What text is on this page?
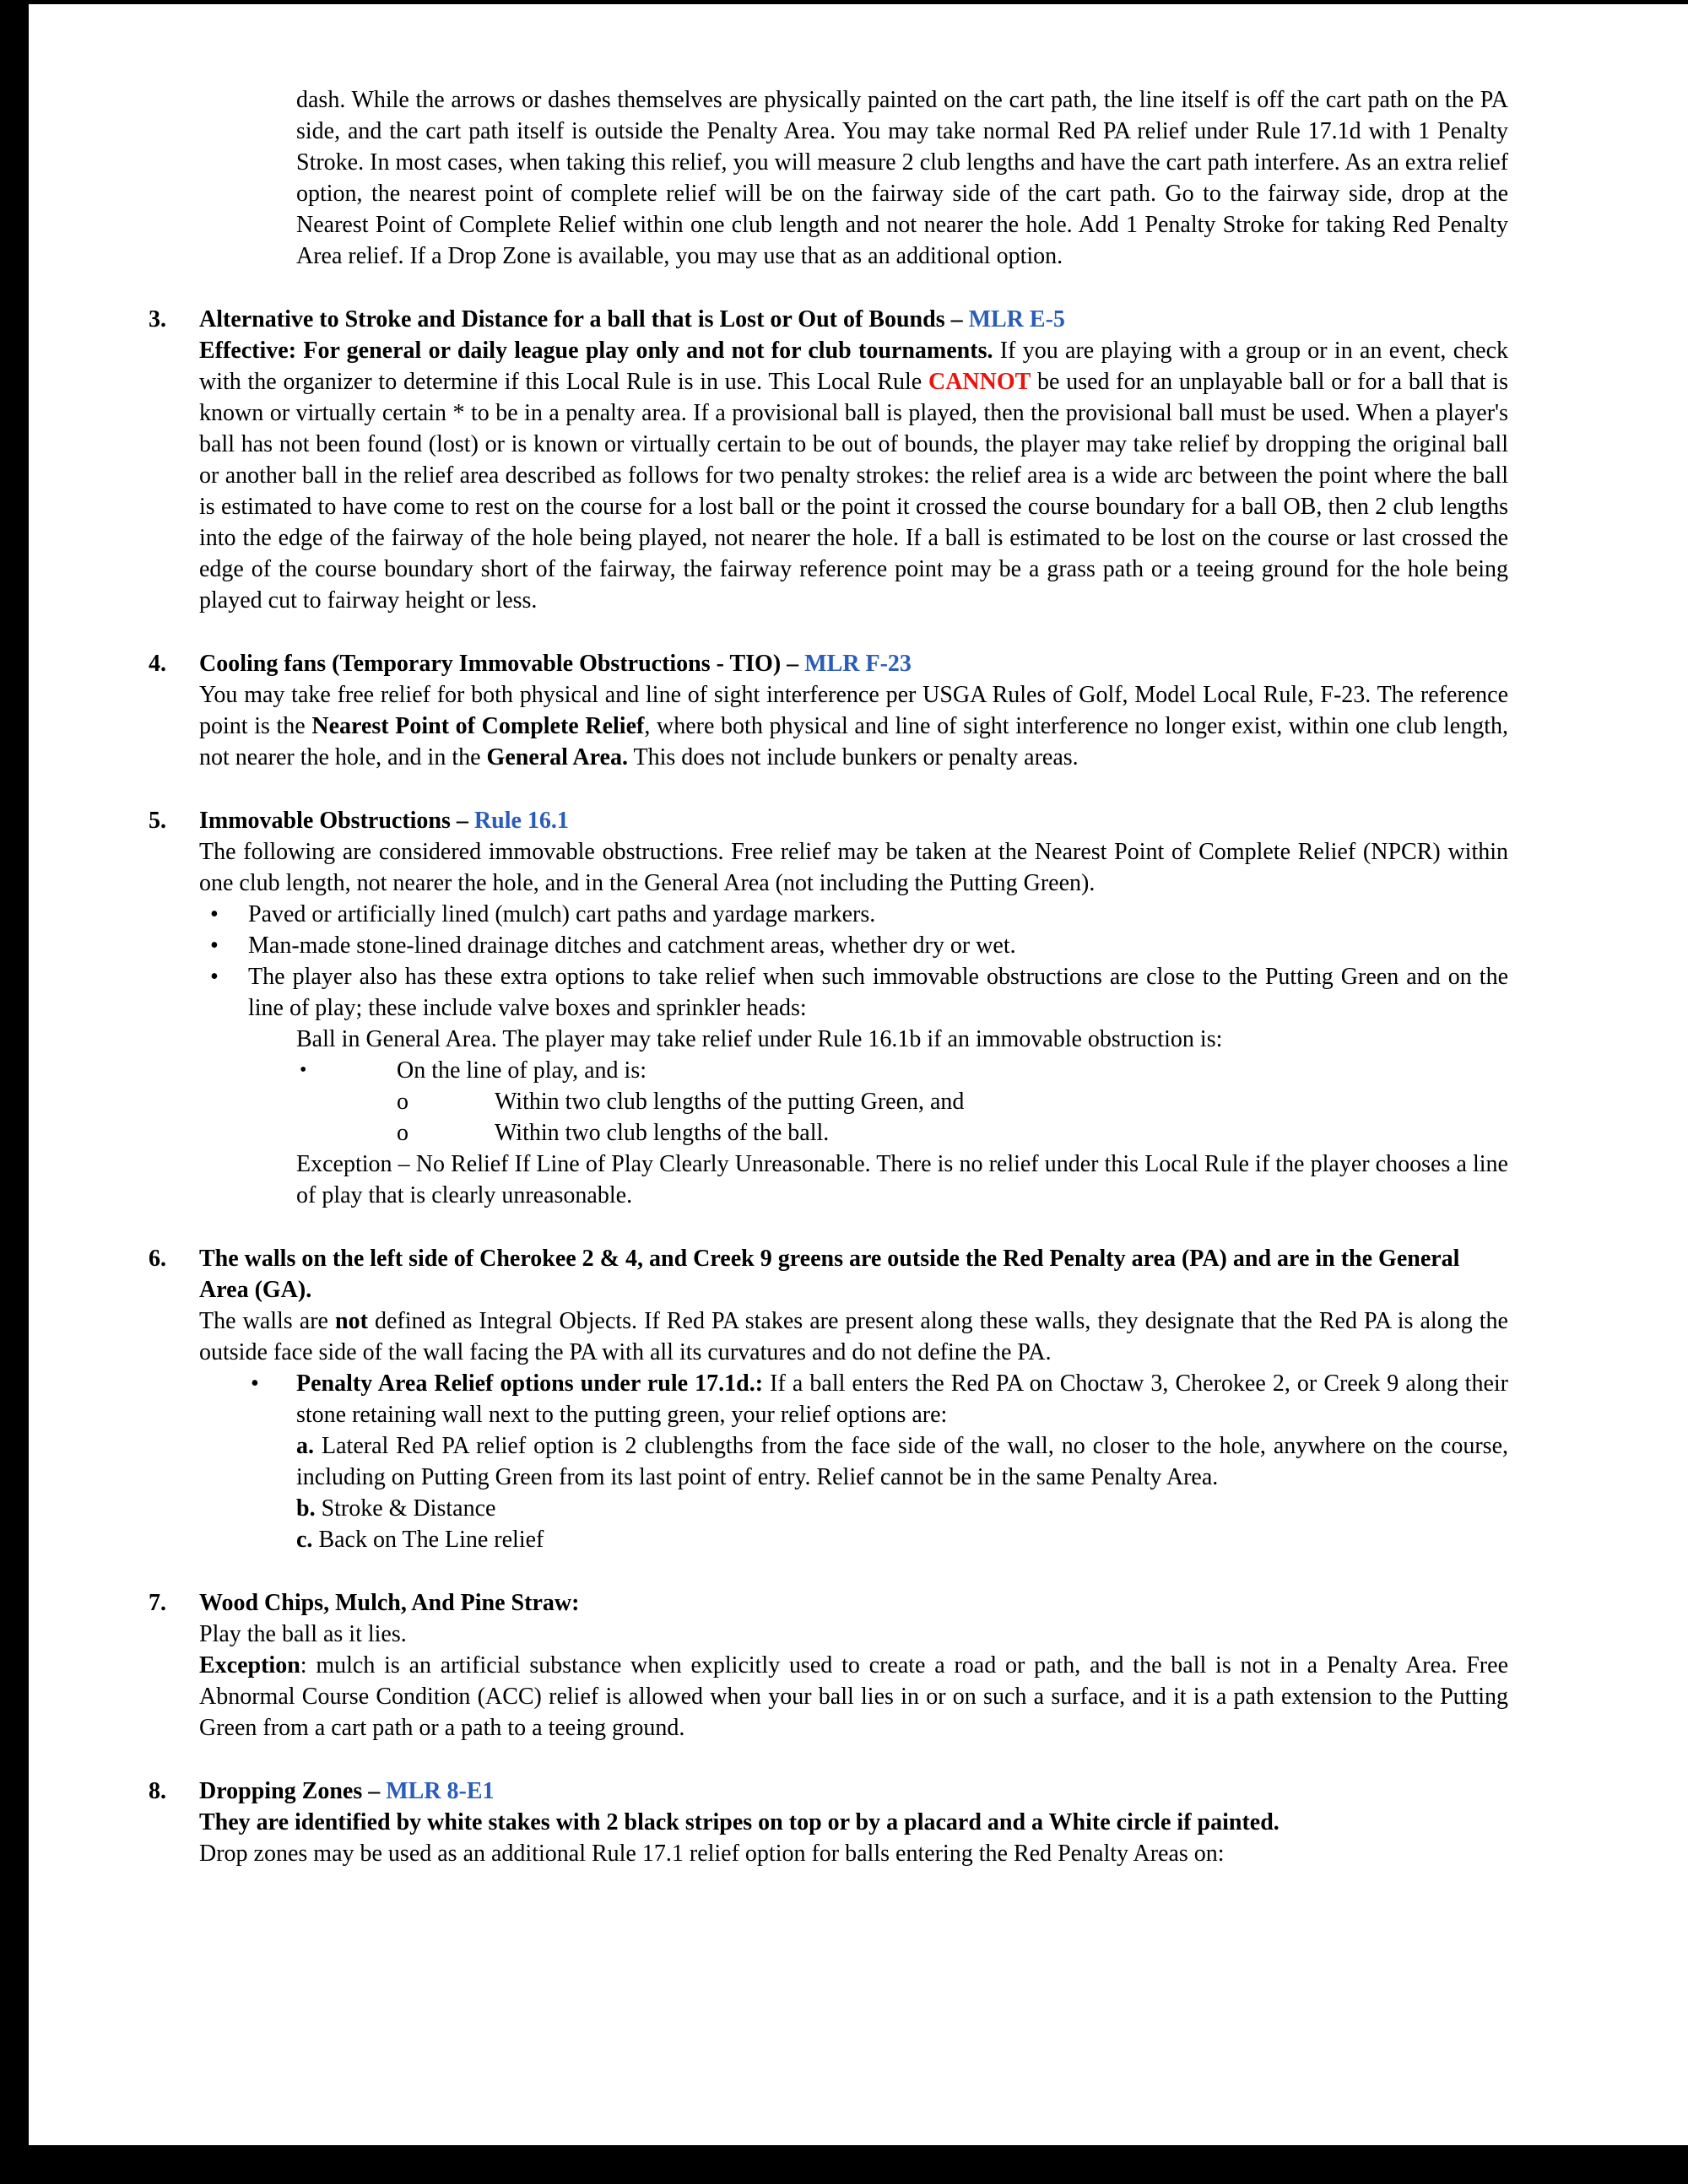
dash. While the arrows or dashes themselves are physically painted on the cart path, the line itself is off the cart path on the PA side, and the cart path itself is outside the Penalty Area. You may take normal Red PA relief under Rule 17.1d with 1 Penalty Stroke. In most cases, when taking this relief, you will measure 2 club lengths and have the cart path interfere. As an extra relief option, the nearest point of complete relief will be on the fairway side of the cart path. Go to the fairway side, drop at the Nearest Point of Complete Relief within one club length and not nearer the hole. Add 1 Penalty Stroke for taking Red Penalty Area relief. If a Drop Zone is available, you may use that as an additional option.
3. Alternative to Stroke and Distance for a ball that is Lost or Out of Bounds – MLR E-5
Effective: For general or daily league play only and not for club tournaments. If you are playing with a group or in an event, check with the organizer to determine if this Local Rule is in use. This Local Rule CANNOT be used for an unplayable ball or for a ball that is known or virtually certain * to be in a penalty area. If a provisional ball is played, then the provisional ball must be used. When a player's ball has not been found (lost) or is known or virtually certain to be out of bounds, the player may take relief by dropping the original ball or another ball in the relief area described as follows for two penalty strokes: the relief area is a wide arc between the point where the ball is estimated to have come to rest on the course for a lost ball or the point it crossed the course boundary for a ball OB, then 2 club lengths into the edge of the fairway of the hole being played, not nearer the hole. If a ball is estimated to be lost on the course or last crossed the edge of the course boundary short of the fairway, the fairway reference point may be a grass path or a teeing ground for the hole being played cut to fairway height or less.
4. Cooling fans (Temporary Immovable Obstructions - TIO) – MLR F-23
You may take free relief for both physical and line of sight interference per USGA Rules of Golf, Model Local Rule, F-23. The reference point is the Nearest Point of Complete Relief, where both physical and line of sight interference no longer exist, within one club length, not nearer the hole, and in the General Area. This does not include bunkers or penalty areas.
5. Immovable Obstructions – Rule 16.1
The following are considered immovable obstructions. Free relief may be taken at the Nearest Point of Complete Relief (NPCR) within one club length, not nearer the hole, and in the General Area (not including the Putting Green).
• Paved or artificially lined (mulch) cart paths and yardage markers.
• Man-made stone-lined drainage ditches and catchment areas, whether dry or wet.
• The player also has these extra options to take relief when such immovable obstructions are close to the Putting Green and on the line of play; these include valve boxes and sprinkler heads:
Ball in General Area. The player may take relief under Rule 16.1b if an immovable obstruction is:
•	On the line of play, and is:
o	Within two club lengths of the putting Green, and
o	Within two club lengths of the ball.
Exception – No Relief If Line of Play Clearly Unreasonable. There is no relief under this Local Rule if the player chooses a line of play that is clearly unreasonable.
6. The walls on the left side of Cherokee 2 & 4, and Creek 9 greens are outside the Red Penalty area (PA) and are in the General Area (GA).
The walls are not defined as Integral Objects. If Red PA stakes are present along these walls, they designate that the Red PA is along the outside face side of the wall facing the PA with all its curvatures and do not define the PA.
• Penalty Area Relief options under rule 17.1d.: If a ball enters the Red PA on Choctaw 3, Cherokee 2, or Creek 9 along their stone retaining wall next to the putting green, your relief options are:
a. Lateral Red PA relief option is 2 clublengths from the face side of the wall, no closer to the hole, anywhere on the course, including on Putting Green from its last point of entry. Relief cannot be in the same Penalty Area.
b. Stroke & Distance
c. Back on The Line relief
7. Wood Chips, Mulch, And Pine Straw:
Play the ball as it lies.
Exception: mulch is an artificial substance when explicitly used to create a road or path, and the ball is not in a Penalty Area. Free Abnormal Course Condition (ACC) relief is allowed when your ball lies in or on such a surface, and it is a path extension to the Putting Green from a cart path or a path to a teeing ground.
8. Dropping Zones – MLR 8-E1
They are identified by white stakes with 2 black stripes on top or by a placard and a White circle if painted.
Drop zones may be used as an additional Rule 17.1 relief option for balls entering the Red Penalty Areas on:
